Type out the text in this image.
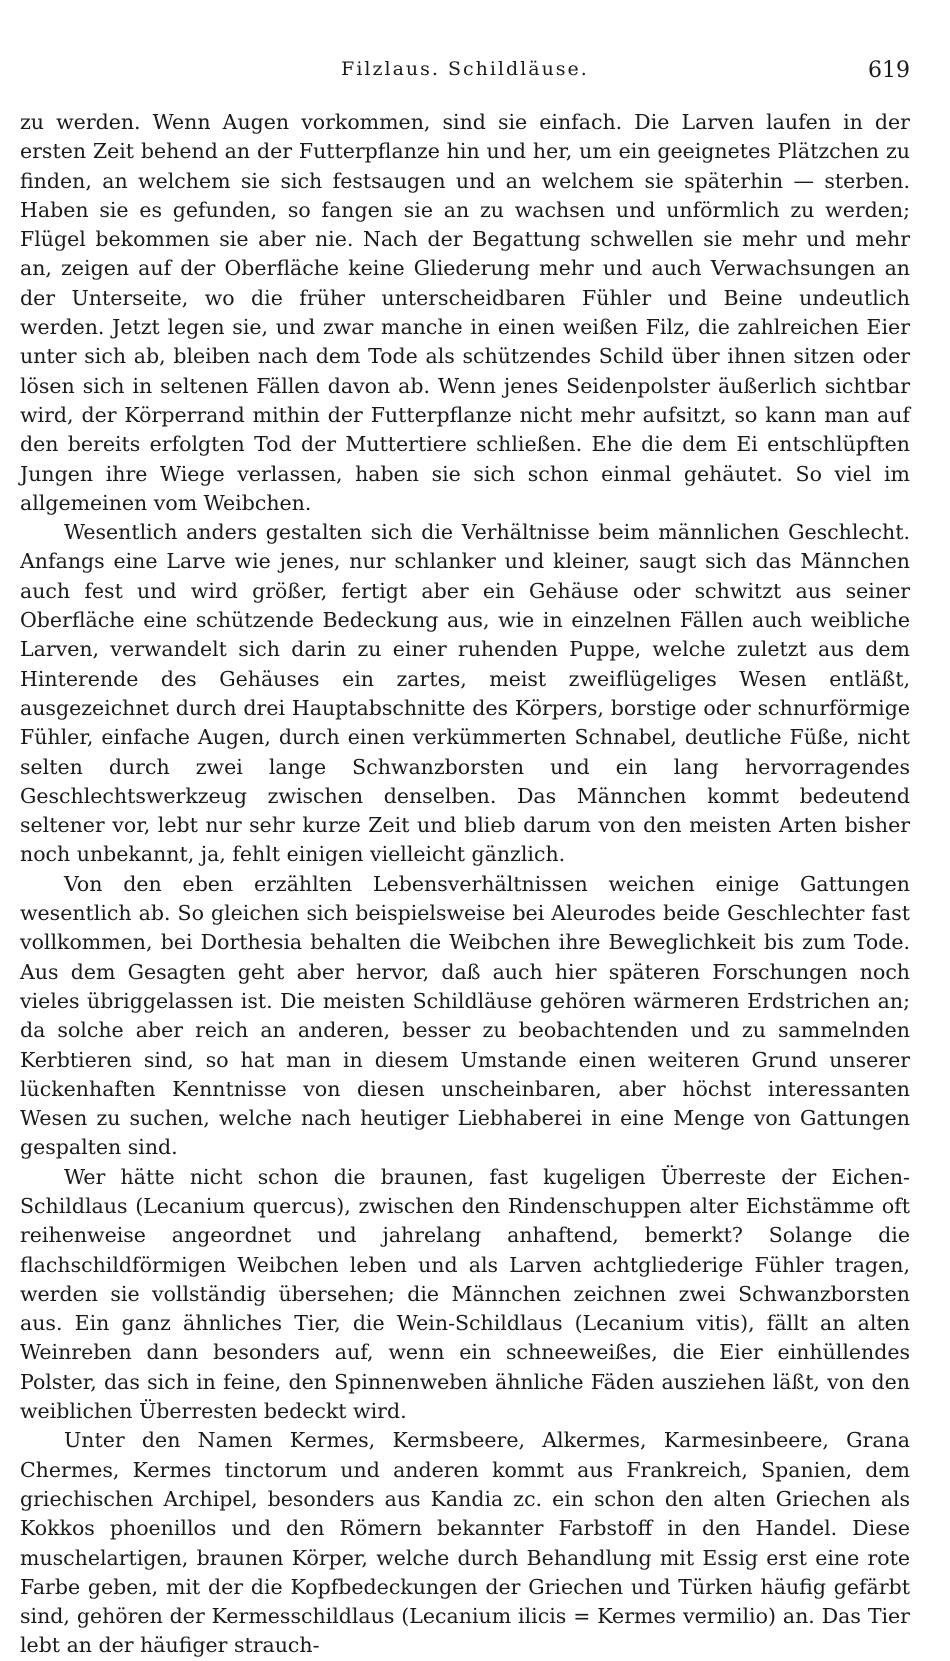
Filzlaus. Schildläuse.	619

zu werden. Wenn Augen vorkommen, sind sie einfach. Die Larven laufen in der ersten Zeit behend an der Futterpflanze hin und her, um ein geeignetes Plätzchen zu finden, an welchem sie sich festsaugen und an welchem sie späterhin — sterben. Haben sie es gefunden, so fangen sie an zu wachsen und unförmlich zu werden; Flügel bekommen sie aber nie. Nach der Begattung schwellen sie mehr und mehr an, zeigen auf der Oberfläche keine Gliederung mehr und auch Verwachsungen an der Unterseite, wo die früher unterscheidbaren Fühler und Beine undeutlich werden. Jetzt legen sie, und zwar manche in einen weißen Filz, die zahlreichen Eier unter sich ab, bleiben nach dem Tode als schützendes Schild über ihnen sitzen oder lösen sich in seltenen Fällen davon ab. Wenn jenes Seidenpolster äußerlich sichtbar wird, der Körperrand mithin der Futterpflanze nicht mehr aufsitzt, so kann man auf den bereits erfolgten Tod der Muttertiere schließen. Ehe die dem Ei entschlüpften Jungen ihre Wiege verlassen, haben sie sich schon einmal gehäutet. So viel im allgemeinen vom Weibchen.

Wesentlich anders gestalten sich die Verhältnisse beim männlichen Geschlecht. Anfangs eine Larve wie jenes, nur schlanker und kleiner, saugt sich das Männchen auch fest und wird größer, fertigt aber ein Gehäuse oder schwitzt aus seiner Oberfläche eine schützende Bedeckung aus, wie in einzelnen Fällen auch weibliche Larven, verwandelt sich darin zu einer ruhenden Puppe, welche zuletzt aus dem Hinterende des Gehäuses ein zartes, meist zweiflügeliges Wesen entläßt, ausgezeichnet durch drei Hauptabschnitte des Körpers, borstige oder schnurförmige Fühler, einfache Augen, durch einen verkümmerten Schnabel, deutliche Füße, nicht selten durch zwei lange Schwanzborsten und ein lang hervorragendes Geschlechtswerkzeug zwischen denselben. Das Männchen kommt bedeutend seltener vor, lebt nur sehr kurze Zeit und blieb darum von den meisten Arten bisher noch unbekannt, ja, fehlt einigen vielleicht gänzlich.

Von den eben erzählten Lebensverhältnissen weichen einige Gattungen wesentlich ab. So gleichen sich beispielsweise bei Aleurodes beide Geschlechter fast vollkommen, bei Dorthesia behalten die Weibchen ihre Beweglichkeit bis zum Tode. Aus dem Gesagten geht aber hervor, daß auch hier späteren Forschungen noch vieles übriggelassen ist. Die meisten Schildläuse gehören wärmeren Erdstrichen an; da solche aber reich an anderen, besser zu beobachtenden und zu sammelnden Kerbtieren sind, so hat man in diesem Umstande einen weiteren Grund unserer lückenhaften Kenntnisse von diesen unscheinbaren, aber höchst interessanten Wesen zu suchen, welche nach heutiger Liebhaberei in eine Menge von Gattungen gespalten sind.

Wer hätte nicht schon die braunen, fast kugeligen Überreste der Eichen-Schildlaus (Lecanium quercus), zwischen den Rindenschuppen alter Eichstämme oft reihenweise angeordnet und jahrelang anhaftend, bemerkt? Solange die flachschildförmigen Weibchen leben und als Larven achtgliederige Fühler tragen, werden sie vollständig übersehen; die Männchen zeichnen zwei Schwanzborsten aus. Ein ganz ähnliches Tier, die Wein-Schildlaus (Lecanium vitis), fällt an alten Weinreben dann besonders auf, wenn ein schneeweißes, die Eier einhüllendes Polster, das sich in feine, den Spinnenweben ähnliche Fäden ausziehen läßt, von den weiblichen Überresten bedeckt wird.

Unter den Namen Kermes, Kermsbeere, Alkermes, Karmesinbeere, Grana Chermes, Kermes tinctorum und anderen kommt aus Frankreich, Spanien, dem griechischen Archipel, besonders aus Kandia zc. ein schon den alten Griechen als Kokkos phoenillos und den Römern bekannter Farbstoff in den Handel. Diese muschelartigen, braunen Körper, welche durch Behandlung mit Essig erst eine rote Farbe geben, mit der die Kopfbedeckungen der Griechen und Türken häufig gefärbt sind, gehören der Kermesschildlaus (Lecanium ilicis = Kermes vermilio) an. Das Tier lebt an der häufiger strauch-
